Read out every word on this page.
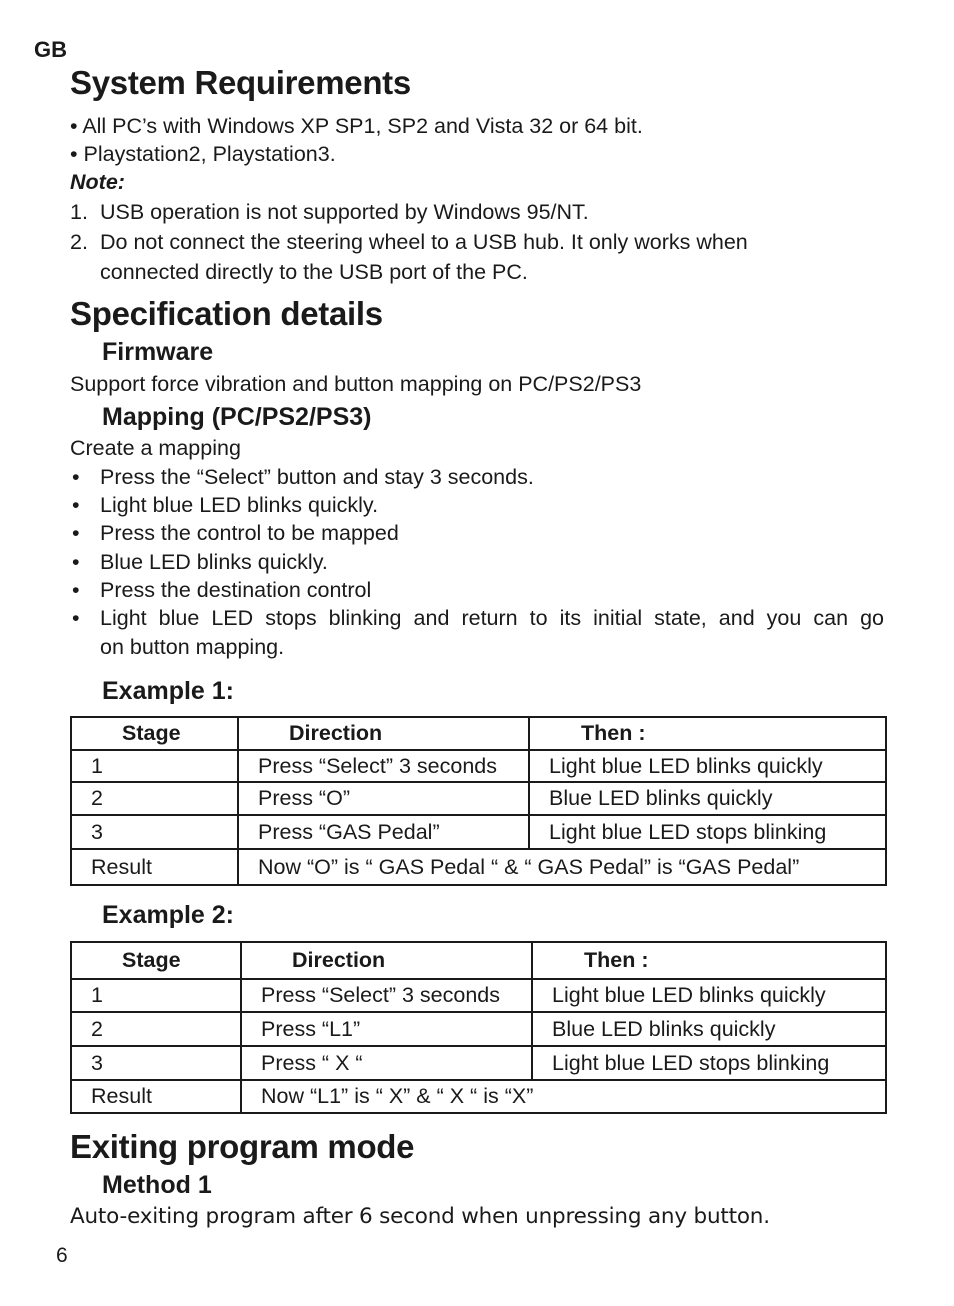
GB
System Requirements
• All PC’s with Windows XP SP1, SP2 and Vista 32 or 64 bit.
• Playstation2, Playstation3.
Note:
1. USB operation is not supported by Windows 95/NT.
2. Do not connect the steering wheel to a USB hub. It only works when
connected directly to the USB port of the PC.
Specification details
Firmware
Support force vibration and button mapping on PC/PS2/PS3
Mapping (PC/PS2/PS3)
Create a mapping
• Press the “Select” button and stay 3 seconds.
• Light blue LED blinks quickly.
• Press the control to be mapped
• Blue LED blinks quickly.
• Press the destination control
• Light blue LED stops blinking and return to its initial state, and you can go
on button mapping.
Example 1:
Stage	Direction	Then :
1	Press “Select” 3 seconds	Light blue LED blinks quickly
2	Press “O”	Blue LED blinks quickly
3	Press “GAS Pedal”	Light blue LED stops blinking
Result	Now “O” is “ GAS Pedal “ & “ GAS Pedal” is “GAS Pedal”	
Example 2:
Stage	Direction	Then :
1	Press “Select” 3 seconds	Light blue LED blinks quickly
2	Press “L1”	Blue LED blinks quickly
3	Press “ X “	Light blue LED stops blinking
Result	Now “L1” is “ X” & “ X “ is “X”	
Exiting program mode
Method 1
Auto-exiting program after 6 second when unpressing any button.
6
